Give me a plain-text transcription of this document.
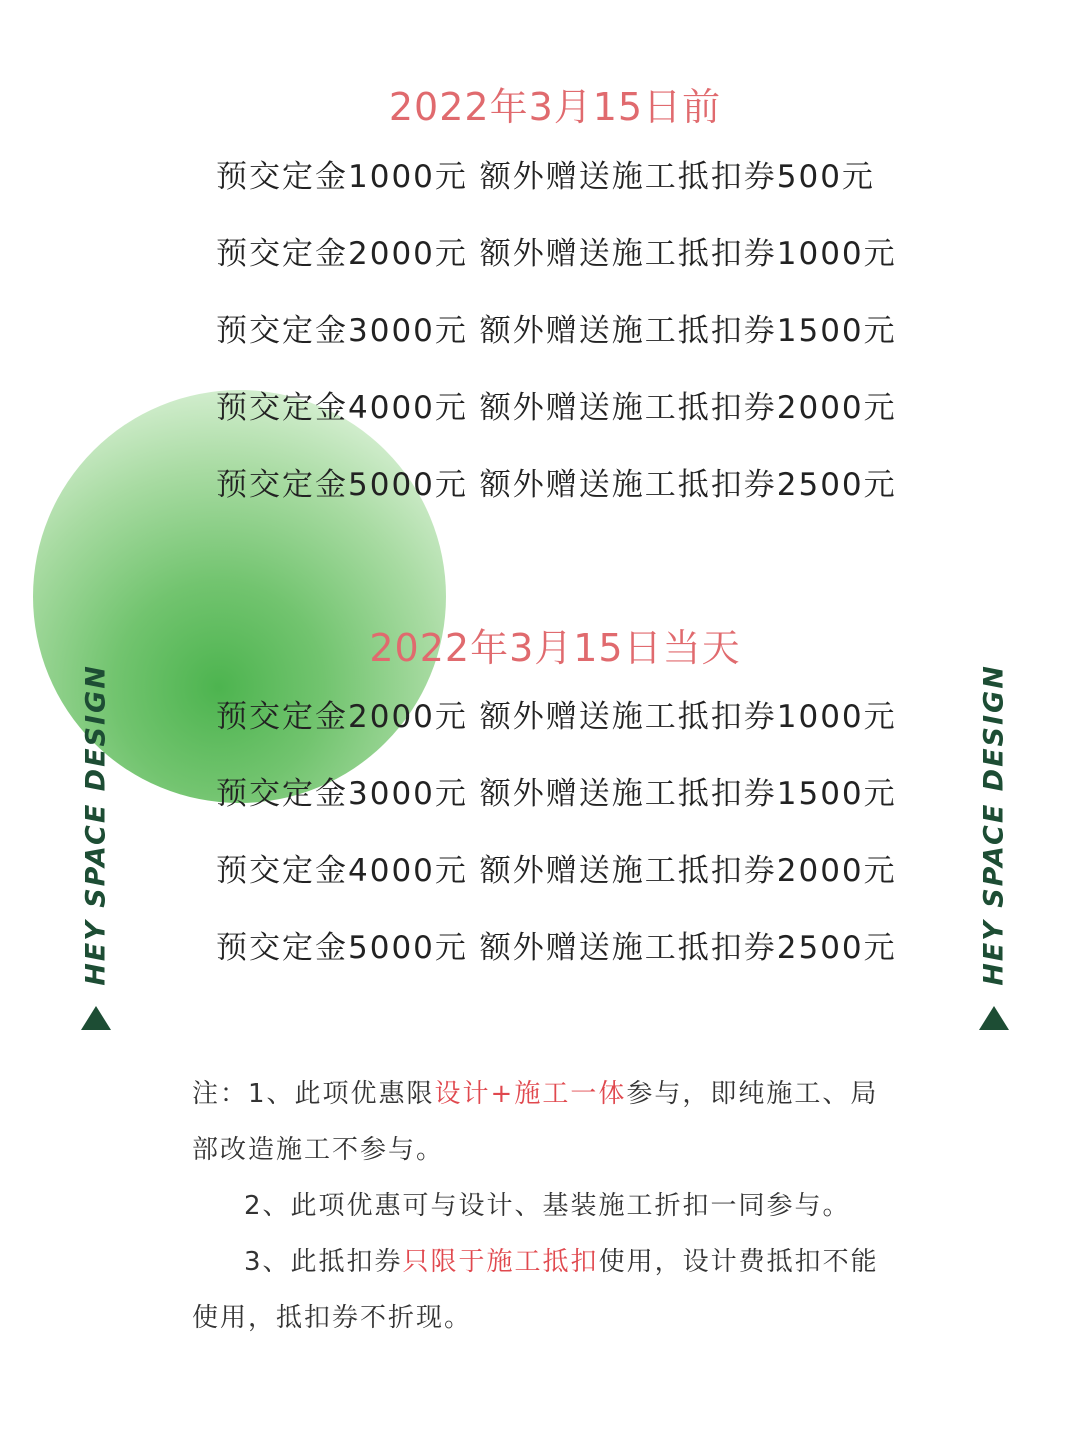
2022年3月15日前
预交定金1000元 额外赠送施工抵扣券500元
预交定金2000元 额外赠送施工抵扣券1000元
预交定金3000元 额外赠送施工抵扣券1500元
预交定金4000元 额外赠送施工抵扣券2000元
预交定金5000元 额外赠送施工抵扣券2500元
2022年3月15日当天
预交定金2000元 额外赠送施工抵扣券1000元
预交定金3000元 额外赠送施工抵扣券1500元
预交定金4000元 额外赠送施工抵扣券2000元
预交定金5000元 额外赠送施工抵扣券2500元
HEY SPACE DESIGN	HEY SPACE DESIGN

注：1、此项优惠限设计+施工一体参与，即纯施工、局部改造施工不参与。

2、此项优惠可与设计、基装施工折扣一同参与。

3、此抵扣券只限于施工抵扣使用，设计费抵扣不能使用，抵扣券不折现。
